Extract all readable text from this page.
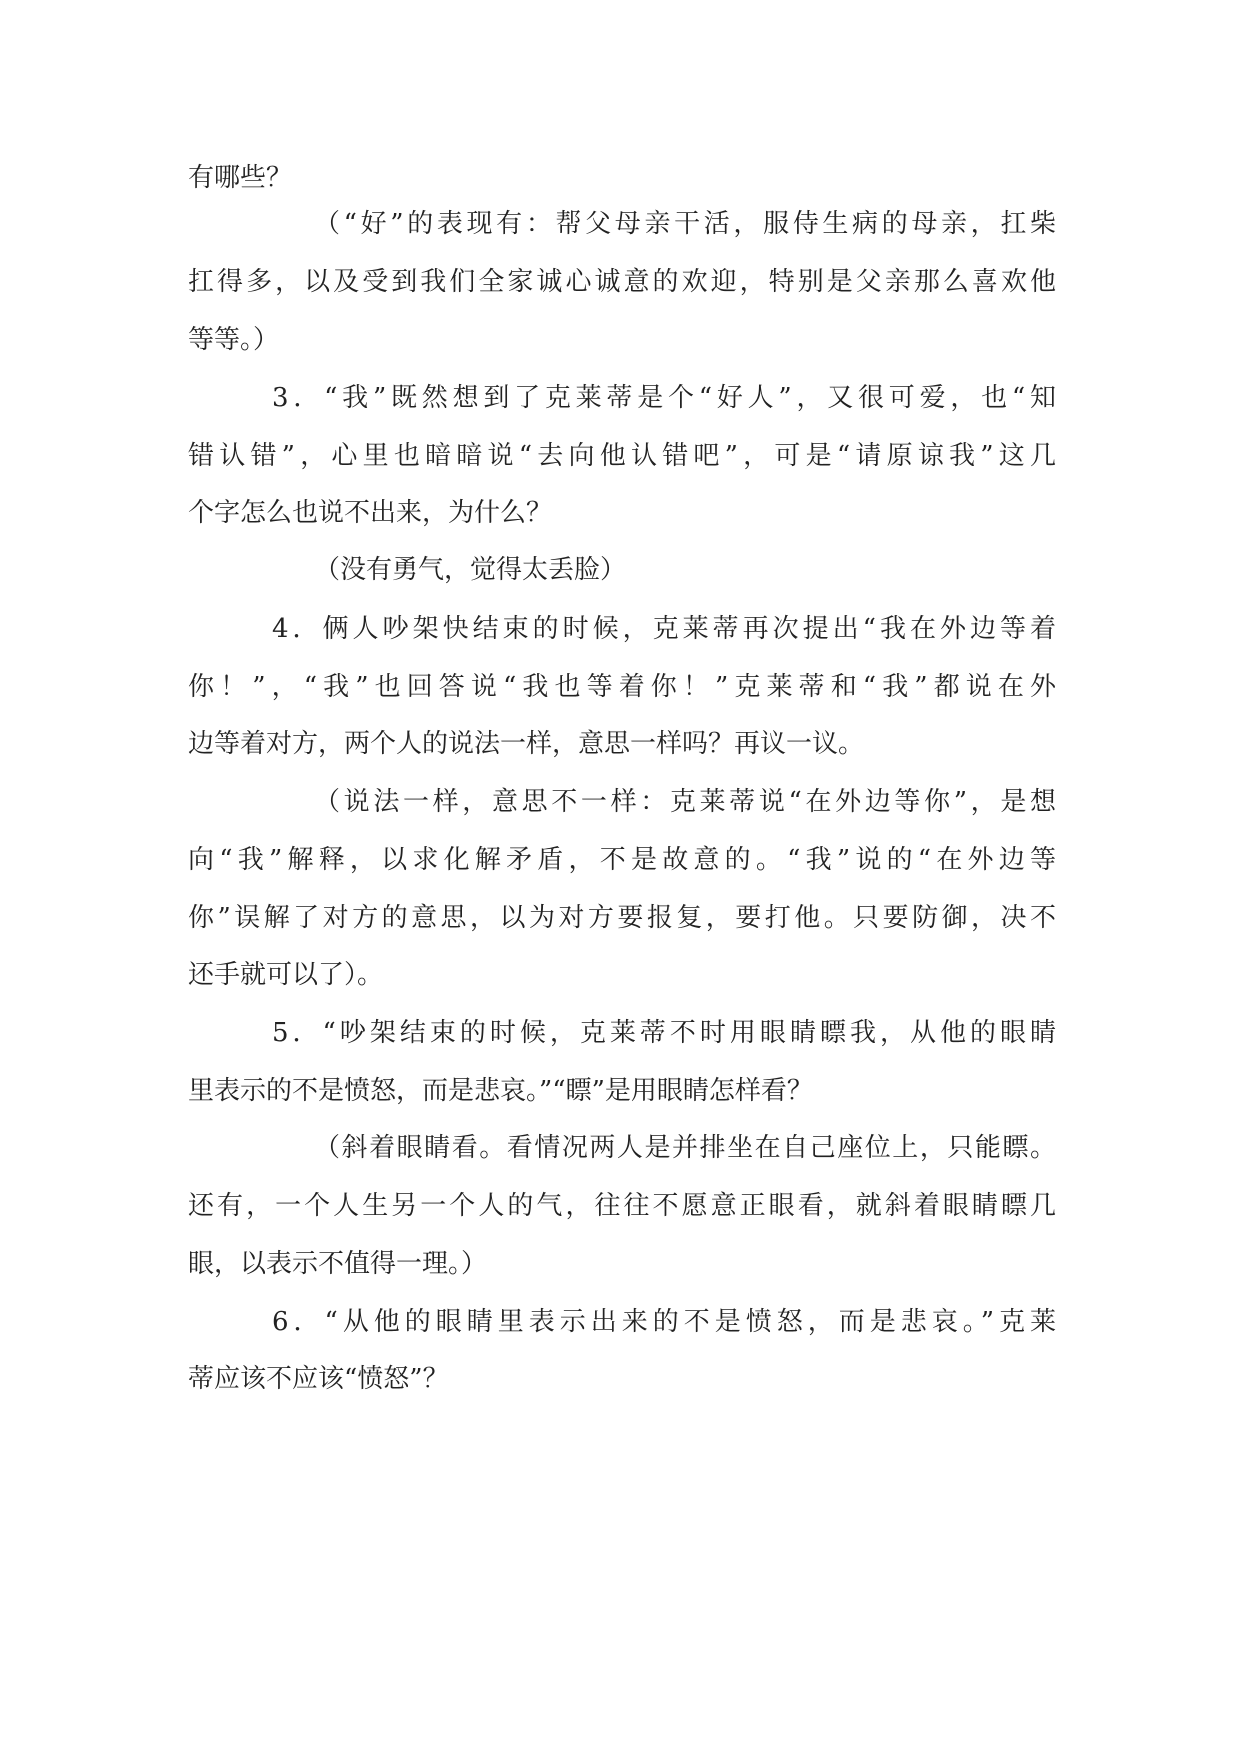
有哪些？
（“好”的表现有：帮父母亲干活，服侍生病的母亲，扛柴
扛得多，以及受到我们全家诚心诚意的欢迎，特别是父亲那么喜欢他
等等。）
3．“我”既然想到了克莱蒂是个“好人”，又很可爱，也“知
错认错”，心里也暗暗说“去向他认错吧”，可是“请原谅我”这几
个字怎么也说不出来，为什么？
（没有勇气，觉得太丢脸）
4．俩人吵架快结束的时候，克莱蒂再次提出“我在外边等着
你！”，“我”也回答说“我也等着你！”克莱蒂和“我”都说在外
边等着对方，两个人的说法一样，意思一样吗？再议一议。
（说法一样，意思不一样：克莱蒂说“在外边等你”，是想
向“我”解释，以求化解矛盾，不是故意的。“我”说的“在外边等
你”误解了对方的意思，以为对方要报复，要打他。只要防御，决不
还手就可以了）。
5．“吵架结束的时候，克莱蒂不时用眼睛瞟我，从他的眼睛
里表示的不是愤怒，而是悲哀。”“瞟”是用眼睛怎样看？
（斜着眼睛看。看情况两人是并排坐在自己座位上，只能瞟。
还有，一个人生另一个人的气，往往不愿意正眼看，就斜着眼睛瞟几
眼，以表示不值得一理。）
6．“从他的眼睛里表示出来的不是愤怒，而是悲哀。”克莱
蒂应该不应该“愤怒”？
